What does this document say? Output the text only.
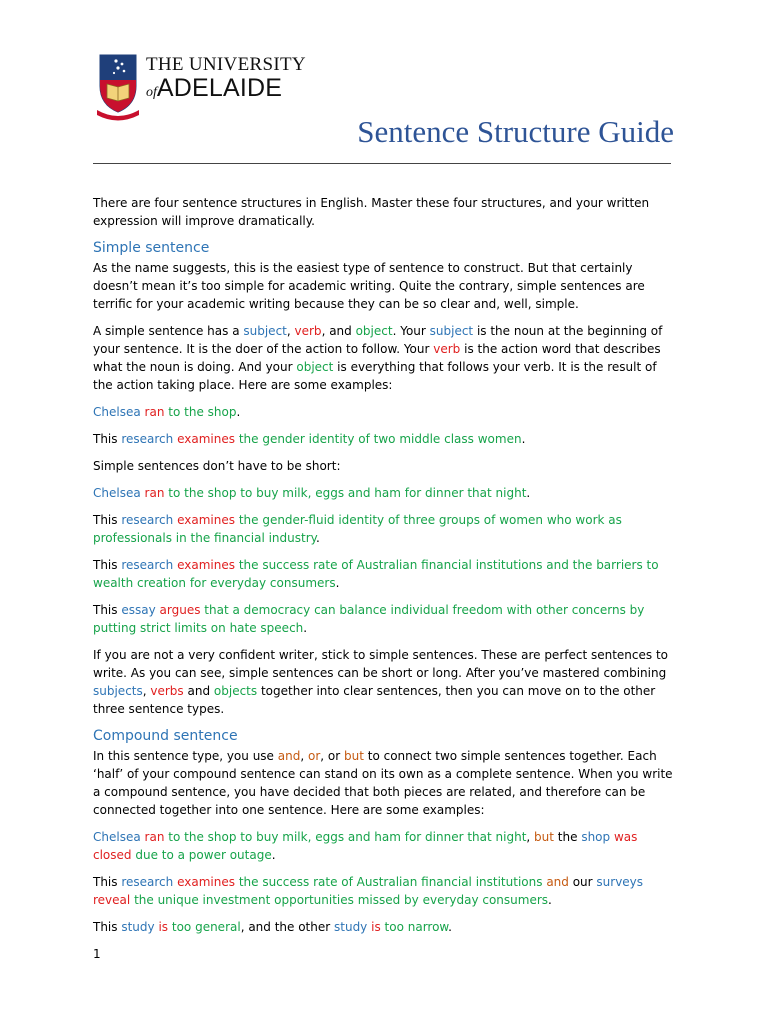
THE UNIVERSITY
ofADELAIDE
Sentence Structure Guide

There are four sentence structures in English. Master these four structures, and your written expression will improve dramatically.

Simple sentence

As the name suggests, this is the easiest type of sentence to construct. But that certainly doesn’t mean it’s too simple for academic writing. Quite the contrary, simple sentences are terrific for your academic writing because they can be so clear and, well, simple.

A simple sentence has a subject, verb, and object. Your subject is the noun at the beginning of your sentence. It is the doer of the action to follow. Your verb is the action word that describes what the noun is doing. And your object is everything that follows your verb. It is the result of the action taking place. Here are some examples:

Chelsea ran to the shop.

This research examines the gender identity of two middle class women.

Simple sentences don’t have to be short:

Chelsea ran to the shop to buy milk, eggs and ham for dinner that night.

This research examines the gender-fluid identity of three groups of women who work as professionals in the financial industry.

This research examines the success rate of Australian financial institutions and the barriers to wealth creation for everyday consumers.

This essay argues that a democracy can balance individual freedom with other concerns by putting strict limits on hate speech.

If you are not a very confident writer, stick to simple sentences. These are perfect sentences to write. As you can see, simple sentences can be short or long. After you’ve mastered combining subjects, verbs and objects together into clear sentences, then you can move on to the other three sentence types.

Compound sentence

In this sentence type, you use and, or, or but to connect two simple sentences together. Each ‘half’ of your compound sentence can stand on its own as a complete sentence. When you write a compound sentence, you have decided that both pieces are related, and therefore can be connected together into one sentence. Here are some examples:

Chelsea ran to the shop to buy milk, eggs and ham for dinner that night, but the shop was closed due to a power outage.

This research examines the success rate of Australian financial institutions and our surveys reveal the unique investment opportunities missed by everyday consumers.

This study is too general, and the other study is too narrow.

1
